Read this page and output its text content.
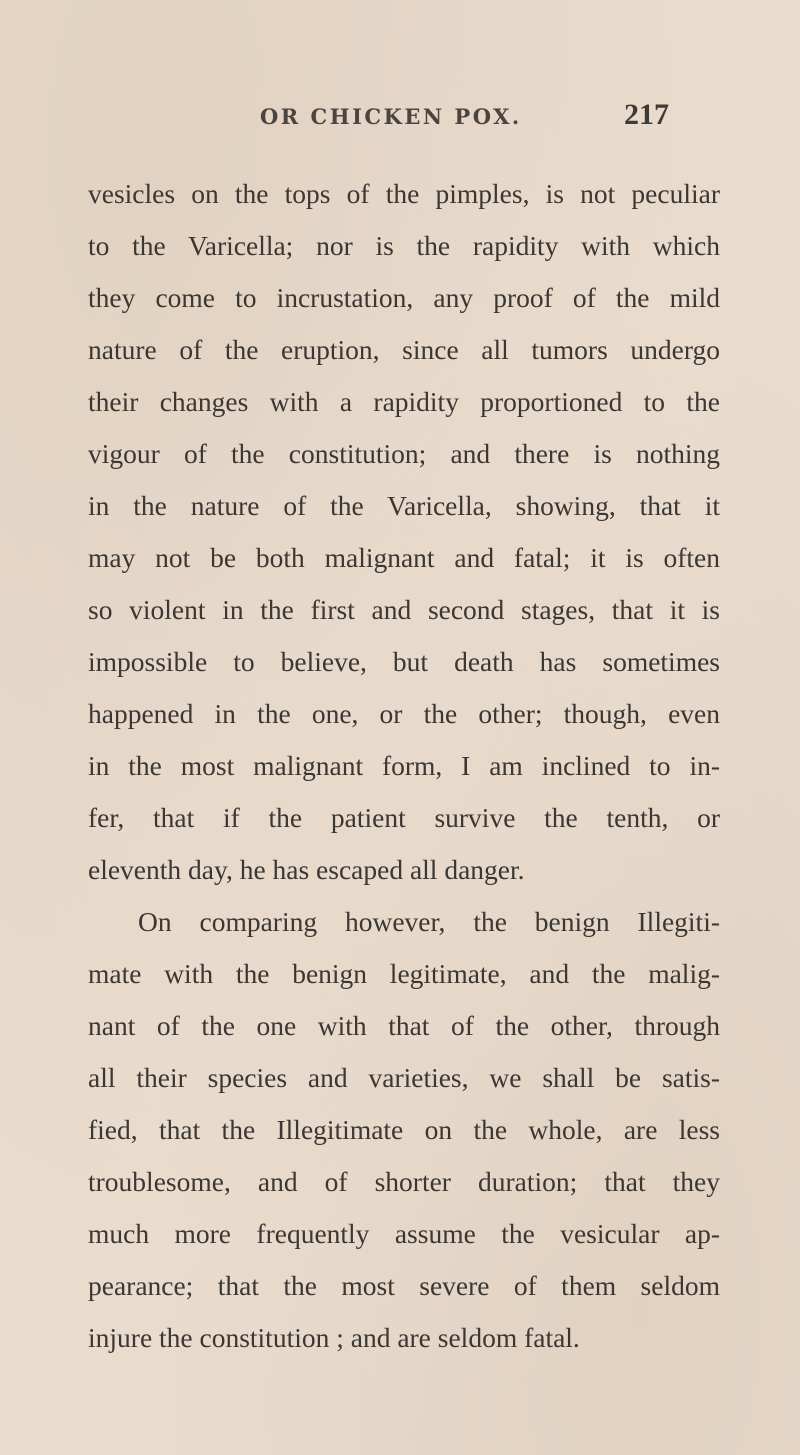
OR CHICKEN POX.	217
vesicles on the tops of the pimples, is not peculiar
to the Varicella; nor is the rapidity with which
they come to incrustation, any proof of the mild
nature of the eruption, since all tumors undergo
their changes with a rapidity proportioned to the
vigour of the constitution; and there is nothing
in the nature of the Varicella, showing, that it
may not be both malignant and fatal; it is often
so violent in the first and second stages, that it is
impossible to believe, but death has sometimes
happened in the one, or the other; though, even
in the most malignant form, I am inclined to in-
fer, that if the patient survive the tenth, or
eleventh day, he has escaped all danger.
On comparing however, the benign Illegiti-
mate with the benign legitimate, and the malig-
nant of the one with that of the other, through
all their species and varieties, we shall be satis-
fied, that the Illegitimate on the whole, are less
troublesome, and of shorter duration; that they
much more frequently assume the vesicular ap-
pearance; that the most severe of them seldom
injure the constitution ; and are seldom fatal.
